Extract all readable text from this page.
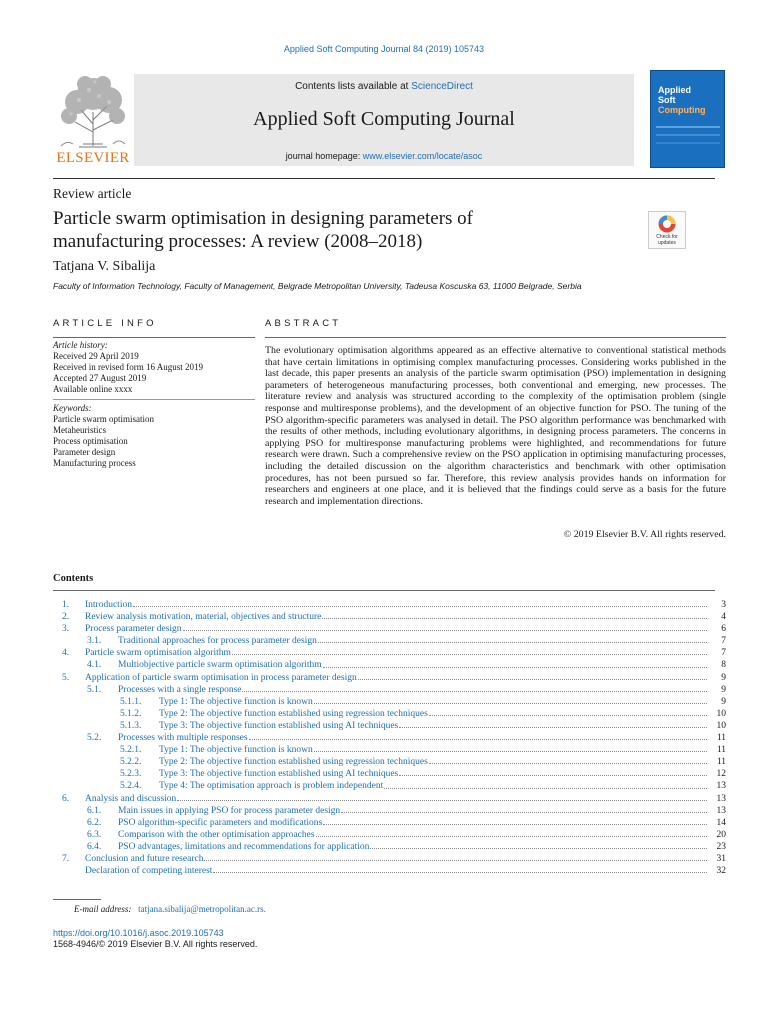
Applied Soft Computing Journal 84 (2019) 105743
ELSEVIER
Contents lists available at ScienceDirect
Applied Soft Computing Journal
journal homepage: www.elsevier.com/locate/asoc
Applied
Soft
Computing
Review article
Particle swarm optimisation in designing parameters of
manufacturing processes: A review (2008–2018)	Check for updates
Tatjana V. Sibalija
Faculty of Information Technology, Faculty of Management, Belgrade Metropolitan University, Tadeusa Koscuska 63, 11000 Belgrade, Serbia
ARTICLE INFO	ABSTRACT
Article history:
Received 29 April 2019
Received in revised form 16 August 2019
Accepted 27 August 2019
Available online xxxx
Keywords:
Particle swarm optimisation
Metaheuristics
Process optimisation
Parameter design
Manufacturing process
The evolutionary optimisation algorithms appeared as an effective alternative to conventional statistical methods that have certain limitations in optimising complex manufacturing processes. Considering works published in the last decade, this paper presents an analysis of the particle swarm optimisation (PSO) implementation in designing parameters of heterogeneous manufacturing processes, both conventional and emerging, new processes. The literature review and analysis was structured according to the complexity of the optimisation problem (single response and multiresponse problems), and the development of an objective function for PSO. The tuning of the PSO algorithm-specific parameters was analysed in detail. The PSO algorithm performance was benchmarked with the results of other methods, including evolutionary algorithms, in designing process parameters. The concerns in applying PSO for multiresponse manufacturing problems were highlighted, and recommendations for future research were drawn. Such a comprehensive review on the PSO application in optimising manufacturing processes, including the detailed discussion on the algorithm characteristics and benchmark with other optimisation procedures, has not been pursued so far. Therefore, this review analysis provides hands on information for researchers and engineers at one place, and it is believed that the findings could serve as a basis for the future research and implementation directions.
© 2019 Elsevier B.V. All rights reserved.
Contents
1.	Introduction	3
2.	Review analysis motivation, material, objectives and structure	4
3.	Process parameter design	6
3.1.	Traditional approaches for process parameter design	7
4.	Particle swarm optimisation algorithm	7
4.1.	Multiobjective particle swarm optimisation algorithm	8
5.	Application of particle swarm optimisation in process parameter design	9
5.1.	Processes with a single response	9
5.1.1.	Type 1: The objective function is known	9
5.1.2.	Type 2: The objective function established using regression techniques	10
5.1.3.	Type 3: The objective function established using AI techniques	10
5.2.	Processes with multiple responses	11
5.2.1.	Type 1: The objective function is known	11
5.2.2.	Type 2: The objective function established using regression techniques	11
5.2.3.	Type 3: The objective function established using AI techniques	12
5.2.4.	Type 4: The optimisation approach is problem independent	13
6.	Analysis and discussion	13
6.1.	Main issues in applying PSO for process parameter design	13
6.2.	PSO algorithm-specific parameters and modifications	14
6.3.	Comparison with the other optimisation approaches	20
6.4.	PSO advantages, limitations and recommendations for application	23
7.	Conclusion and future research	31
Declaration of competing interest	32
E-mail address: tatjana.sibalija@metropolitan.ac.rs.
https://doi.org/10.1016/j.asoc.2019.105743
1568-4946/© 2019 Elsevier B.V. All rights reserved.
